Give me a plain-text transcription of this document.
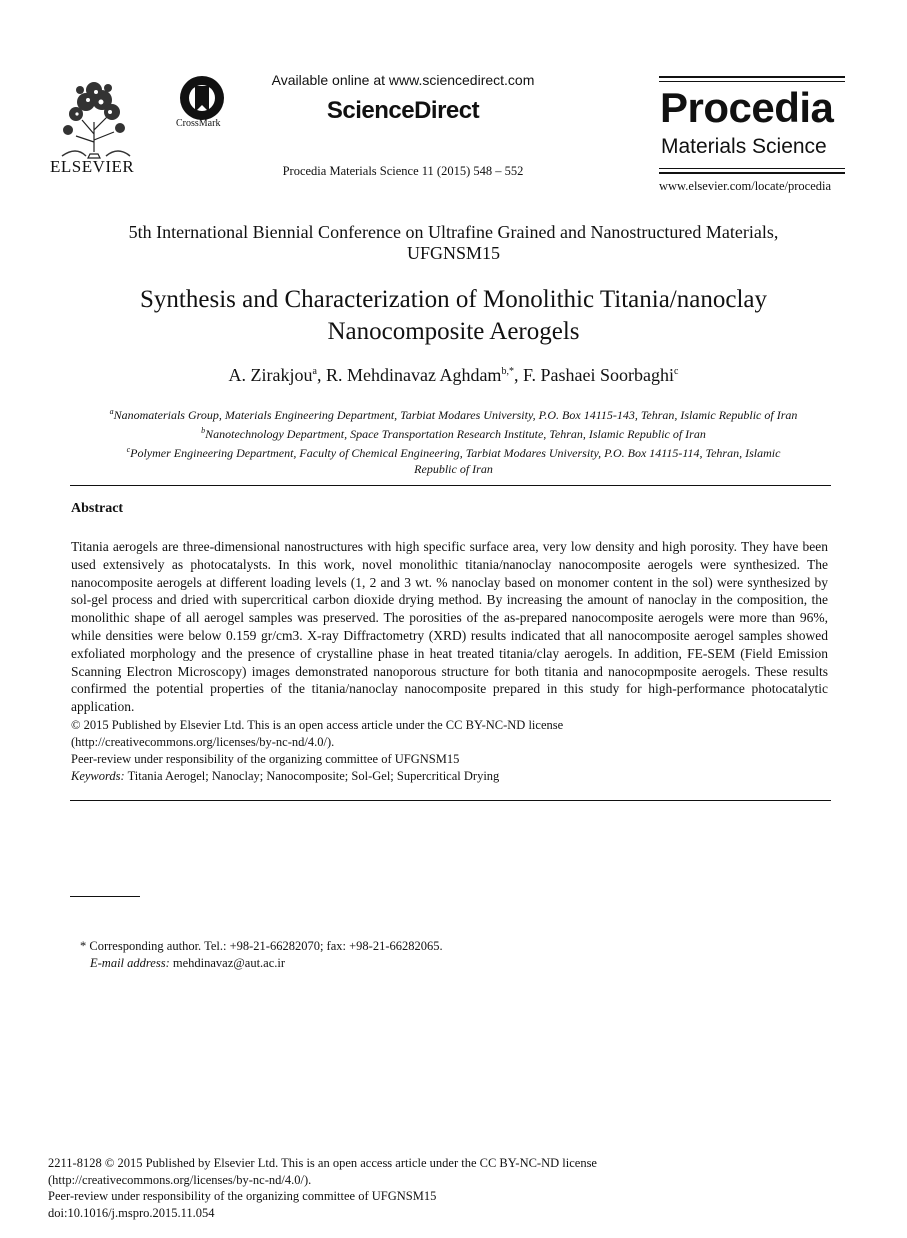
ELSEVIER
CrossMark
Available online at www.sciencedirect.com
ScienceDirect
Procedia Materials Science 11 (2015) 548 – 552
Procedia
Materials Science
www.elsevier.com/locate/procedia
5th International Biennial Conference on Ultrafine Grained and Nanostructured Materials,
UFGNSM15
Synthesis and Characterization of Monolithic Titania/nanoclay
Nanocomposite Aerogels
A. Zirakjou$^a$, R. Mehdinavaz Aghdam$^{b,*}$, F. Pashaei Soorbaghi$^c$
$^a$Nanomaterials Group, Materials Engineering Department, Tarbiat Modares University, P.O. Box 14115-143, Tehran, Islamic Republic of Iran
$^b$Nanotechnology Department, Space Transportation Research Institute, Tehran, Islamic Republic of Iran
$^c$Polymer Engineering Department, Faculty of Chemical Engineering, Tarbiat Modares University, P.O. Box 14115-114, Tehran, Islamic
Republic of Iran
Abstract
Titania aerogels are three-dimensional nanostructures with high specific surface area, very low density and high porosity. They have been used extensively as photocatalysts. In this work, novel monolithic titania/nanoclay nanocomposite aerogels were synthesized. The nanocomposite aerogels at different loading levels (1, 2 and 3 wt. % nanoclay based on monomer content in the sol) were synthesized by sol-gel process and dried with supercritical carbon dioxide drying method. By increasing the amount of nanoclay in the composition, the monolithic shape of all aerogel samples was preserved. The porosities of the as-prepared nanocomposite aerogels were more than 96%, while densities were below 0.159 gr/cm3. X-ray Diffractometry (XRD) results indicated that all nanocomposite aerogel samples showed exfoliated morphology and the presence of crystalline phase in heat treated titania/clay aerogels. In addition, FE-SEM (Field Emission Scanning Electron Microscopy) images demonstrated nanoporous structure for both titania and nanocopmposite aerogels. These results confirmed the potential properties of the titania/nanoclay nanocomposite prepared in this study for high-performance photocatalytic application.
© 2015 Published by Elsevier Ltd. This is an open access article under the CC BY-NC-ND license
(http://creativecommons.org/licenses/by-nc-nd/4.0/).
Peer-review under responsibility of the organizing committee of UFGNSM15
Keywords: Titania Aerogel; Nanoclay; Nanocomposite; Sol-Gel; Supercritical Drying
* Corresponding author. Tel.: +98-21-66282070; fax: +98-21-66282065.
E-mail address: mehdinavaz@aut.ac.ir
2211-8128 © 2015 Published by Elsevier Ltd. This is an open access article under the CC BY-NC-ND license
(http://creativecommons.org/licenses/by-nc-nd/4.0/).
Peer-review under responsibility of the organizing committee of UFGNSM15
doi:10.1016/j.mspro.2015.11.054
